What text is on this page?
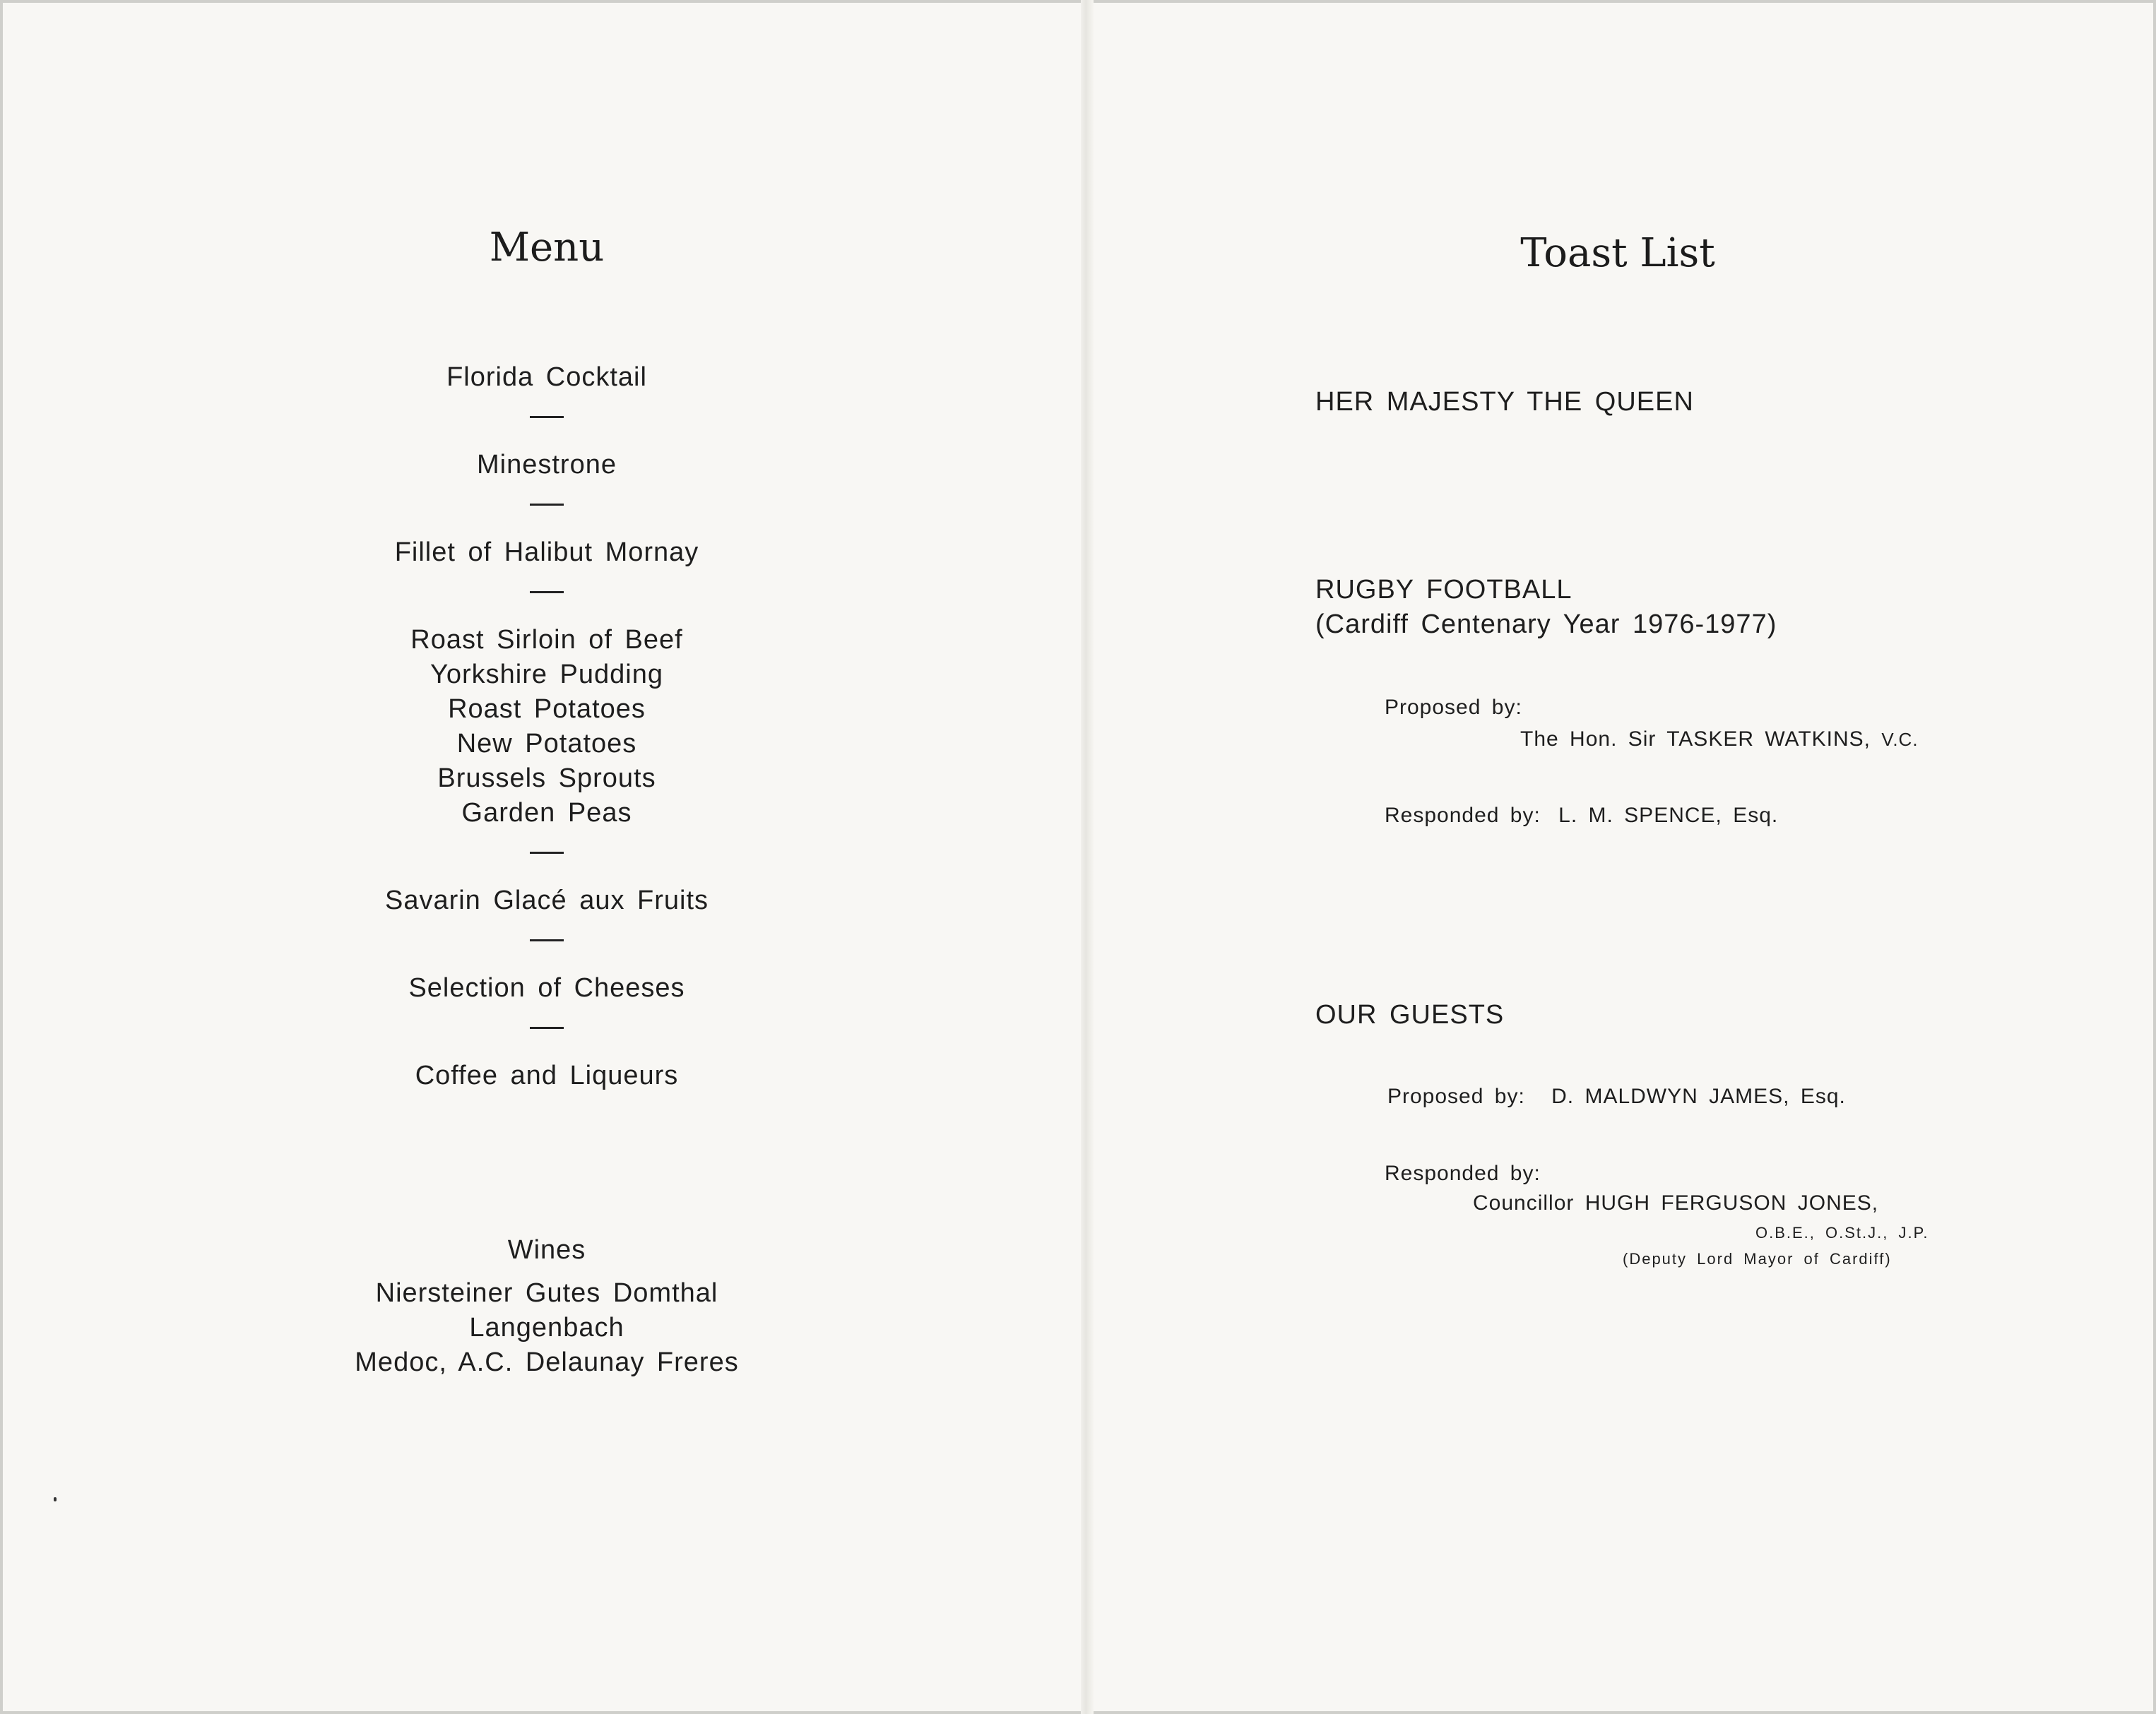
Menu
Florida Cocktail
Minestrone
Fillet of Halibut Mornay
Roast Sirloin of Beef
Yorkshire Pudding
Roast Potatoes
New Potatoes
Brussels Sprouts
Garden Peas
Savarin Glacé aux Fruits
Selection of Cheeses
Coffee and Liqueurs
Wines
Niersteiner Gutes Domthal
Langenbach
Medoc, A.C. Delaunay Freres
Toast List
HER MAJESTY THE QUEEN
RUGBY FOOTBALL
(Cardiff Centenary Year 1976-1977)
Proposed by:
The Hon. Sir TASKER WATKINS, V.C.
Responded by: L. M. SPENCE, Esq.
OUR GUESTS
Proposed by: D. MALDWYN JAMES, Esq.
Responded by:
Councillor HUGH FERGUSON JONES,
O.B.E., O.St.J., J.P.
(Deputy Lord Mayor of Cardiff)
